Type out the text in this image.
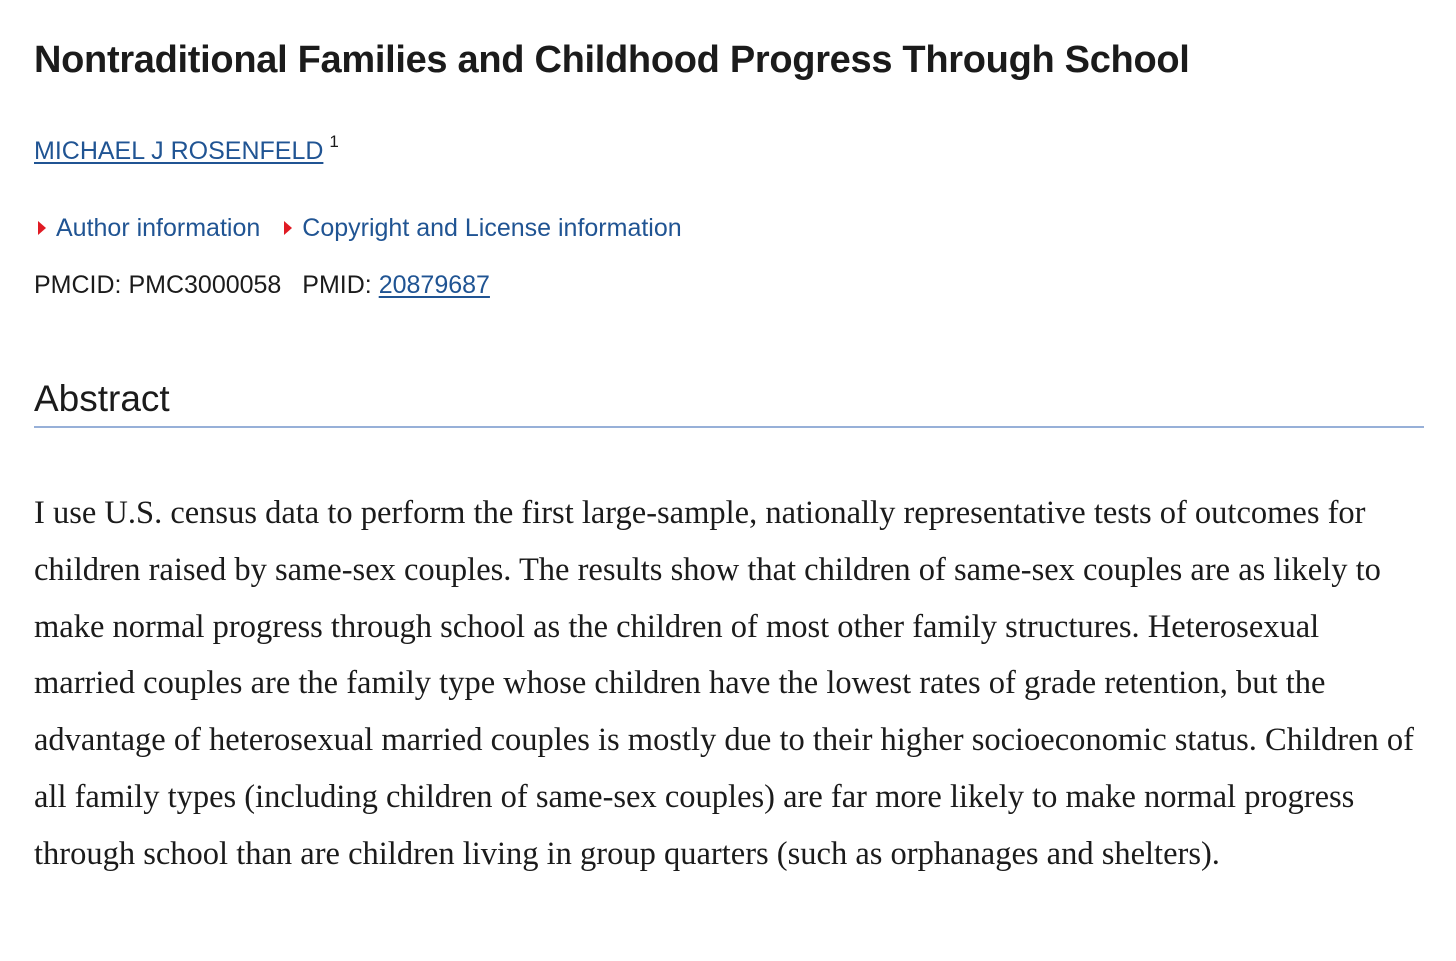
Nontraditional Families and Childhood Progress Through School
MICHAEL J ROSENFELD $^1$
Author information Copyright and License information
PMCID: PMC3000058 PMID: 20879687
Abstract

I use U.S. census data to perform the first large-sample, nationally representative tests of outcomes for children raised by same-sex couples. The results show that children of same-sex couples are as likely to make normal progress through school as the children of most other family structures. Heterosexual married couples are the family type whose children have the lowest rates of grade retention, but the advantage of heterosexual married couples is mostly due to their higher socioeconomic status. Children of all family types (including children of same-sex couples) are far more likely to make normal progress through school than are children living in group quarters (such as orphanages and shelters).
